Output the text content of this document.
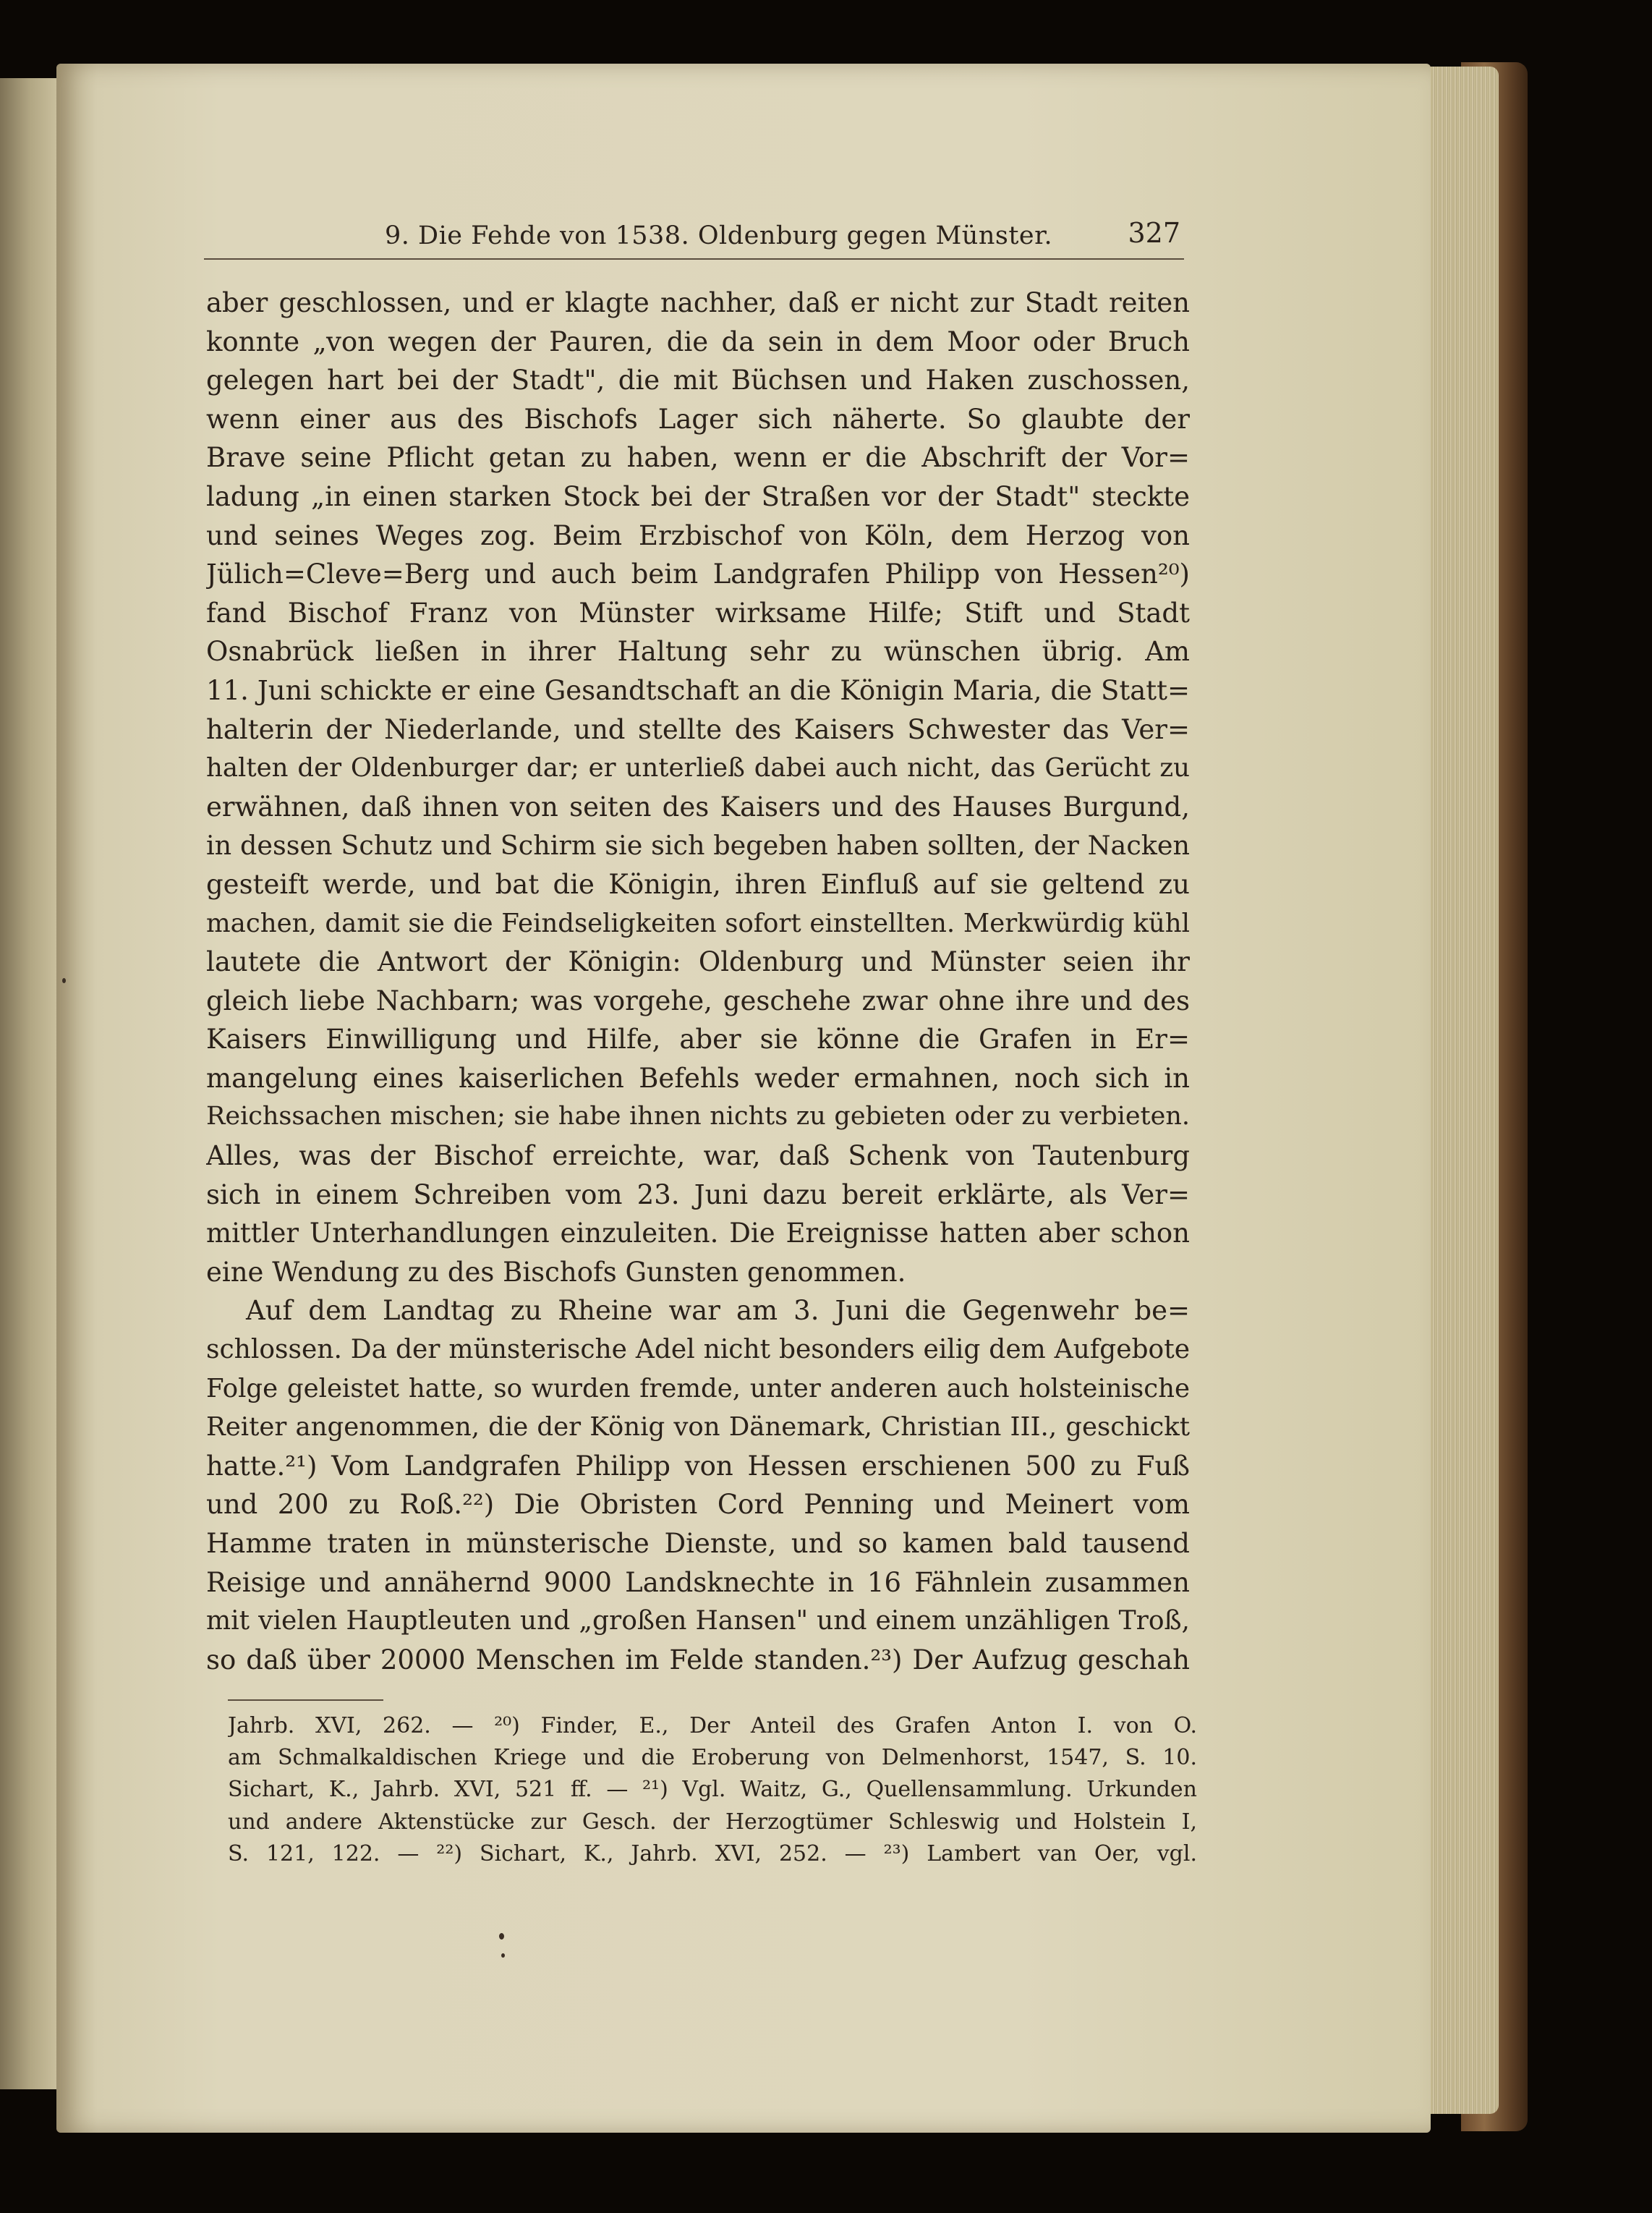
9. Die Fehde von 1538. Oldenburg gegen Münster.	327
aber geschlossen, und er klagte nachher, daß er nicht zur Stadt reiten
konnte „von wegen der Pauren, die da sein in dem Moor oder Bruch
gelegen hart bei der Stadt", die mit Büchsen und Haken zuschossen,
wenn einer aus des Bischofs Lager sich näherte. So glaubte der
Brave seine Pflicht getan zu haben, wenn er die Abschrift der Vor=
ladung „in einen starken Stock bei der Straßen vor der Stadt" steckte
und seines Weges zog. Beim Erzbischof von Köln, dem Herzog von
Jülich=Cleve=Berg und auch beim Landgrafen Philipp von Hessen²⁰)
fand Bischof Franz von Münster wirksame Hilfe; Stift und Stadt
Osnabrück ließen in ihrer Haltung sehr zu wünschen übrig. Am
11. Juni schickte er eine Gesandtschaft an die Königin Maria, die Statt=
halterin der Niederlande, und stellte des Kaisers Schwester das Ver=
halten der Oldenburger dar; er unterließ dabei auch nicht, das Gerücht zu
erwähnen, daß ihnen von seiten des Kaisers und des Hauses Burgund,
in dessen Schutz und Schirm sie sich begeben haben sollten, der Nacken
gesteift werde, und bat die Königin, ihren Einfluß auf sie geltend zu
machen, damit sie die Feindseligkeiten sofort einstellten. Merkwürdig kühl
lautete die Antwort der Königin: Oldenburg und Münster seien ihr
gleich liebe Nachbarn; was vorgehe, geschehe zwar ohne ihre und des
Kaisers Einwilligung und Hilfe, aber sie könne die Grafen in Er=
mangelung eines kaiserlichen Befehls weder ermahnen, noch sich in
Reichssachen mischen; sie habe ihnen nichts zu gebieten oder zu verbieten.
Alles, was der Bischof erreichte, war, daß Schenk von Tautenburg
sich in einem Schreiben vom 23. Juni dazu bereit erklärte, als Ver=
mittler Unterhandlungen einzuleiten. Die Ereignisse hatten aber schon
eine Wendung zu des Bischofs Gunsten genommen.
Auf dem Landtag zu Rheine war am 3. Juni die Gegenwehr be=
schlossen. Da der münsterische Adel nicht besonders eilig dem Aufgebote
Folge geleistet hatte, so wurden fremde, unter anderen auch holsteinische
Reiter angenommen, die der König von Dänemark, Christian III., geschickt
hatte.²¹) Vom Landgrafen Philipp von Hessen erschienen 500 zu Fuß
und 200 zu Roß.²²) Die Obristen Cord Penning und Meinert vom
Hamme traten in münsterische Dienste, und so kamen bald tausend
Reisige und annähernd 9000 Landsknechte in 16 Fähnlein zusammen
mit vielen Hauptleuten und „großen Hansen" und einem unzähligen Troß,
so daß über 20000 Menschen im Felde standen.²³) Der Aufzug geschah
Jahrb. XVI, 262. — ²⁰) Finder, E., Der Anteil des Grafen Anton I. von O.
am Schmalkaldischen Kriege und die Eroberung von Delmenhorst, 1547, S. 10.
Sichart, K., Jahrb. XVI, 521 ff. — ²¹) Vgl. Waitz, G., Quellensammlung. Urkunden
und andere Aktenstücke zur Gesch. der Herzogtümer Schleswig und Holstein I,
S. 121, 122. — ²²) Sichart, K., Jahrb. XVI, 252. — ²³) Lambert van Oer, vgl.
